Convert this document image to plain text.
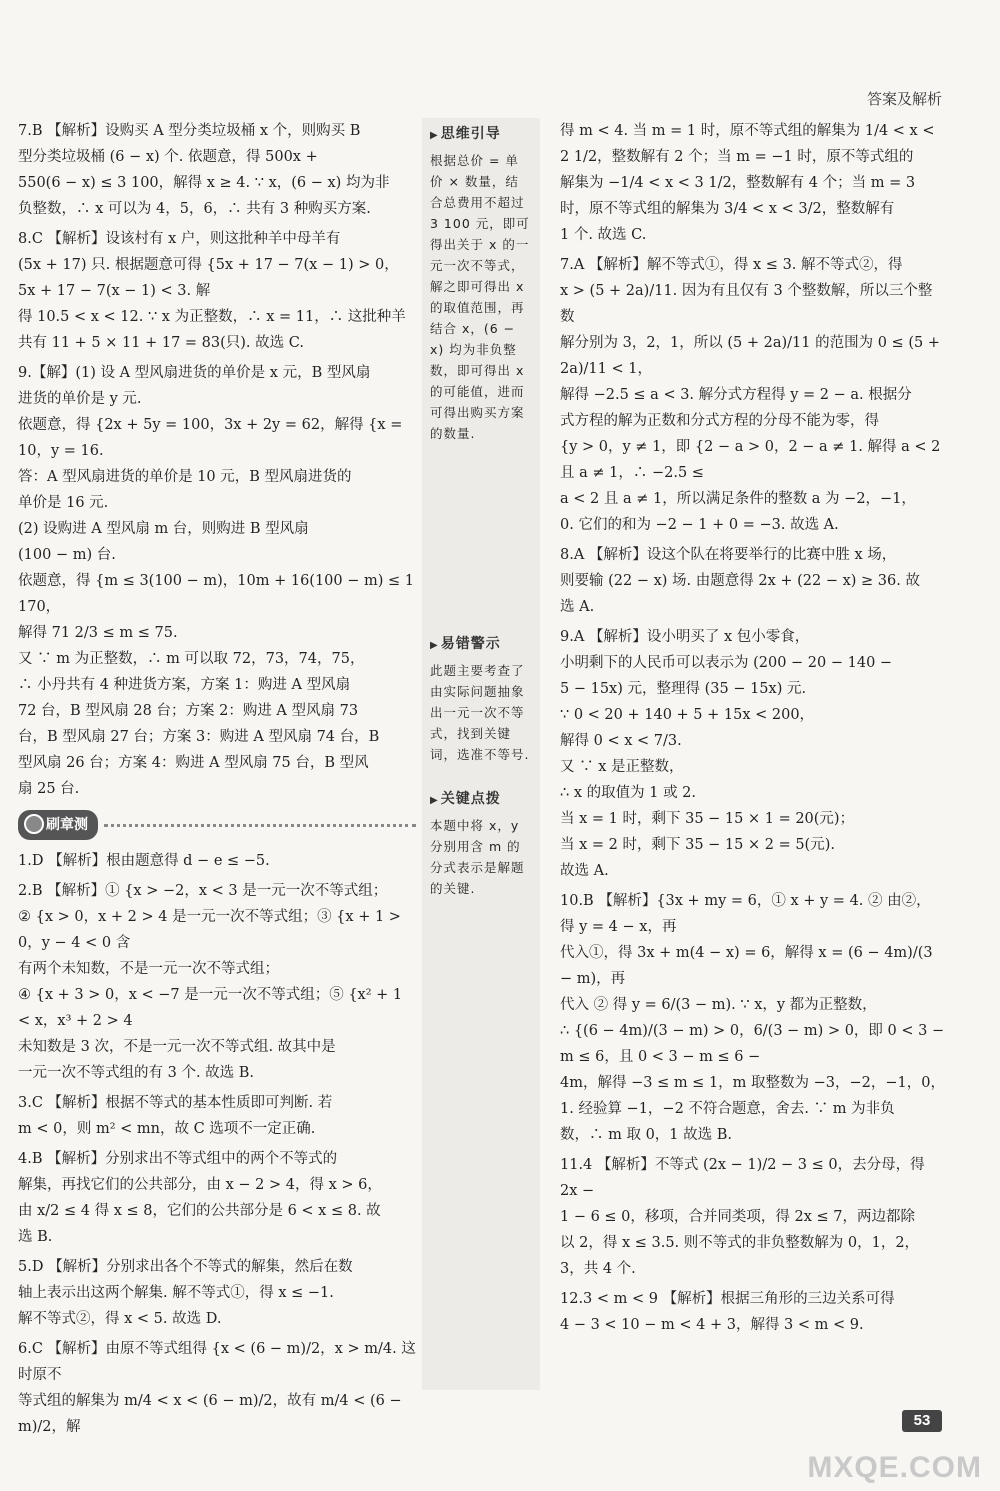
答案及解析
7.B 【解析】设购买 A 型分类垃圾桶 x 个，则购买 B
型分类垃圾桶 (6 − x) 个. 依题意，得 500x +
550(6 − x) ≤ 3 100，解得 x ≥ 4. ∵ x，(6 − x) 均为非
负整数，∴ x 可以为 4，5，6，∴ 共有 3 种购买方案.
8.C 【解析】设该村有 x 户，则这批种羊中母羊有
(5x + 17) 只. 根据题意可得 {5x + 17 − 7(x − 1) > 0，5x + 17 − 7(x − 1) < 3. 解
得 10.5 < x < 12. ∵ x 为正整数，∴ x = 11，∴ 这批种羊
共有 11 + 5 × 11 + 17 = 83(只). 故选 C.
9.【解】(1) 设 A 型风扇进货的单价是 x 元，B 型风扇
进货的单价是 y 元.
依题意，得 {2x + 5y = 100，3x + 2y = 62，解得 {x = 10，y = 16.
答：A 型风扇进货的单价是 10 元，B 型风扇进货的
单价是 16 元.
(2) 设购进 A 型风扇 m 台，则购进 B 型风扇
(100 − m) 台.
依题意，得 {m ≤ 3(100 − m)，10m + 16(100 − m) ≤ 1 170，
解得 71 2/3 ≤ m ≤ 75.
又 ∵ m 为正整数，∴ m 可以取 72，73，74，75，
∴ 小丹共有 4 种进货方案，方案 1：购进 A 型风扇
72 台，B 型风扇 28 台；方案 2：购进 A 型风扇 73
台，B 型风扇 27 台；方案 3：购进 A 型风扇 74 台，B
型风扇 26 台；方案 4：购进 A 型风扇 75 台，B 型风
扇 25 台.
刷章测
1.D 【解析】根由题意得 d − e ≤ −5.
2.B 【解析】① {x > −2，x < 3 是一元一次不等式组；
② {x > 0，x + 2 > 4 是一元一次不等式组；③ {x + 1 > 0，y − 4 < 0 含
有两个未知数，不是一元一次不等式组；
④ {x + 3 > 0，x < −7 是一元一次不等式组；⑤ {x² + 1 < x，x³ + 2 > 4
未知数是 3 次，不是一元一次不等式组. 故其中是
一元一次不等式组的有 3 个. 故选 B.
3.C 【解析】根据不等式的基本性质即可判断. 若
m < 0，则 m² < mn，故 C 选项不一定正确.
4.B 【解析】分别求出不等式组中的两个不等式的
解集，再找它们的公共部分，由 x − 2 > 4，得 x > 6，
由 x/2 ≤ 4 得 x ≤ 8，它们的公共部分是 6 < x ≤ 8. 故
选 B.
5.D 【解析】分别求出各个不等式的解集，然后在数
轴上表示出这两个解集. 解不等式①，得 x ≤ −1.
解不等式②，得 x < 5. 故选 D.
6.C 【解析】由原不等式组得 {x < (6 − m)/2，x > m/4. 这时原不
等式组的解集为 m/4 < x < (6 − m)/2，故有 m/4 < (6 − m)/2，解
▶ 思维引导
根据总价 = 单价 × 数量，结合总费用不超过 3 100 元，即可得出关于 x 的一元一次不等式，解之即可得出 x 的取值范围，再结合 x，(6 − x) 均为非负整数，即可得出 x 的可能值，进而可得出购买方案的数量.
▶ 易错警示
此题主要考查了由实际问题抽象出一元一次不等式，找到关键词，选准不等号.
▶ 关键点拨
本题中将 x，y 分别用含 m 的分式表示是解题的关键.
得 m < 4. 当 m = 1 时，原不等式组的解集为 1/4 < x <
2 1/2，整数解有 2 个；当 m = −1 时，原不等式组的
解集为 −1/4 < x < 3 1/2，整数解有 4 个；当 m = 3
时，原不等式组的解集为 3/4 < x < 3/2，整数解有
1 个. 故选 C.
7.A 【解析】解不等式①，得 x ≤ 3. 解不等式②，得
x > (5 + 2a)/11. 因为有且仅有 3 个整数解，所以三个整数
解分别为 3，2，1，所以 (5 + 2a)/11 的范围为 0 ≤ (5 + 2a)/11 < 1，
解得 −2.5 ≤ a < 3. 解分式方程得 y = 2 − a. 根据分
式方程的解为正数和分式方程的分母不能为零，得
{y > 0，y ≠ 1，即 {2 − a > 0，2 − a ≠ 1. 解得 a < 2 且 a ≠ 1，∴ −2.5 ≤
a < 2 且 a ≠ 1，所以满足条件的整数 a 为 −2，−1，
0. 它们的和为 −2 − 1 + 0 = −3. 故选 A.
8.A 【解析】设这个队在将要举行的比赛中胜 x 场，
则要输 (22 − x) 场. 由题意得 2x + (22 − x) ≥ 36. 故
选 A.
9.A 【解析】设小明买了 x 包小零食，
小明剩下的人民币可以表示为 (200 − 20 − 140 −
5 − 15x) 元，整理得 (35 − 15x) 元.
∵ 0 < 20 + 140 + 5 + 15x < 200，
解得 0 < x < 7/3.
又 ∵ x 是正整数，
∴ x 的取值为 1 或 2.
当 x = 1 时，剩下 35 − 15 × 1 = 20(元)；
当 x = 2 时，剩下 35 − 15 × 2 = 5(元).
故选 A.
10.B 【解析】{3x + my = 6，① x + y = 4. ② 由②，得 y = 4 − x，再
代入①，得 3x + m(4 − x) = 6，解得 x = (6 − 4m)/(3 − m)，再
代入 ② 得 y = 6/(3 − m). ∵ x，y 都为正整数，
∴ {(6 − 4m)/(3 − m) > 0，6/(3 − m) > 0，即 0 < 3 − m ≤ 6，且 0 < 3 − m ≤ 6 −
4m，解得 −3 ≤ m ≤ 1，m 取整数为 −3，−2，−1，0，
1. 经验算 −1，−2 不符合题意，舍去. ∵ m 为非负
数，∴ m 取 0，1 故选 B.
11.4 【解析】不等式 (2x − 1)/2 − 3 ≤ 0，去分母，得 2x −
1 − 6 ≤ 0，移项，合并同类项，得 2x ≤ 7，两边都除
以 2，得 x ≤ 3.5. 则不等式的非负整数解为 0，1，2，
3，共 4 个.
12.3 < m < 9 【解析】根据三角形的三边关系可得
4 − 3 < 10 − m < 4 + 3，解得 3 < m < 9.
53
MXQE.COM
